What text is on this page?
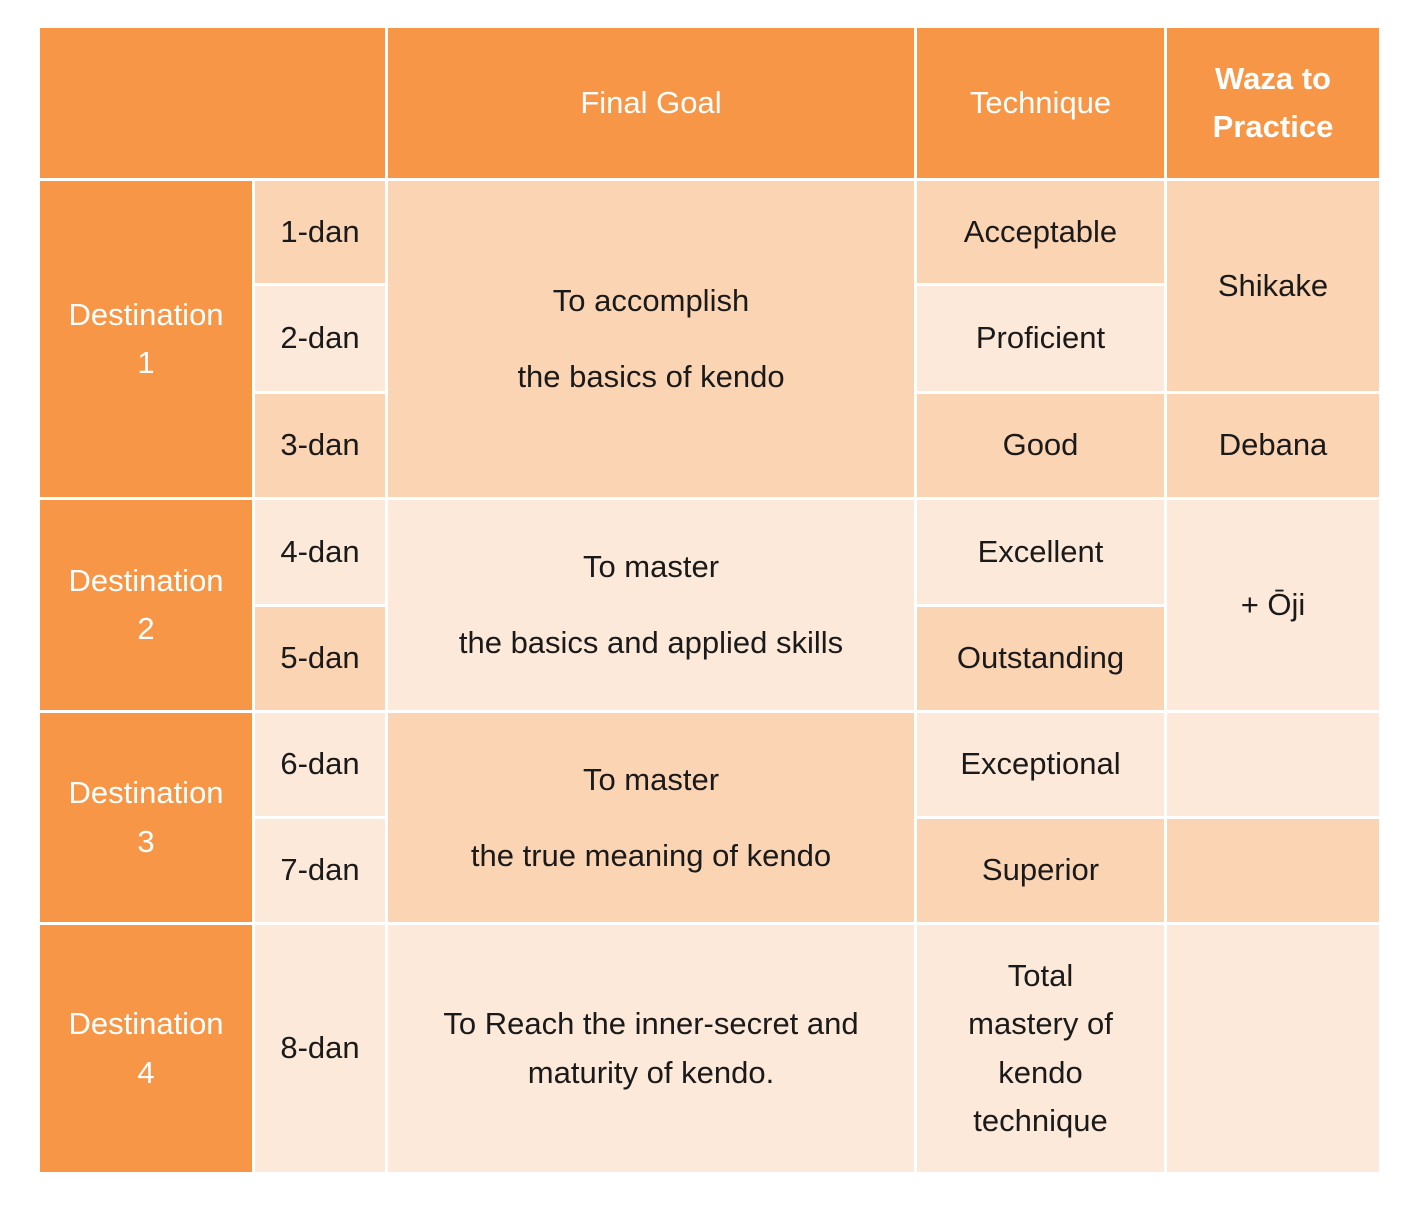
Final Goal	Technique
Waza to
Practice
Destination
1
Destination
2
Destination
3
Destination
4
1-dan
2-dan
3-dan
4-dan
5-dan
6-dan
7-dan
8-dan
To accomplish
the basics of kendo
To master
the basics and applied skills
To master
the true meaning of kendo
To Reach the inner-secret and
maturity of kendo.
Acceptable
Proficient
Good
Excellent
Outstanding
Exceptional
Superior
Total
mastery of
kendo
technique
Shikake
Debana
+ Ōji
